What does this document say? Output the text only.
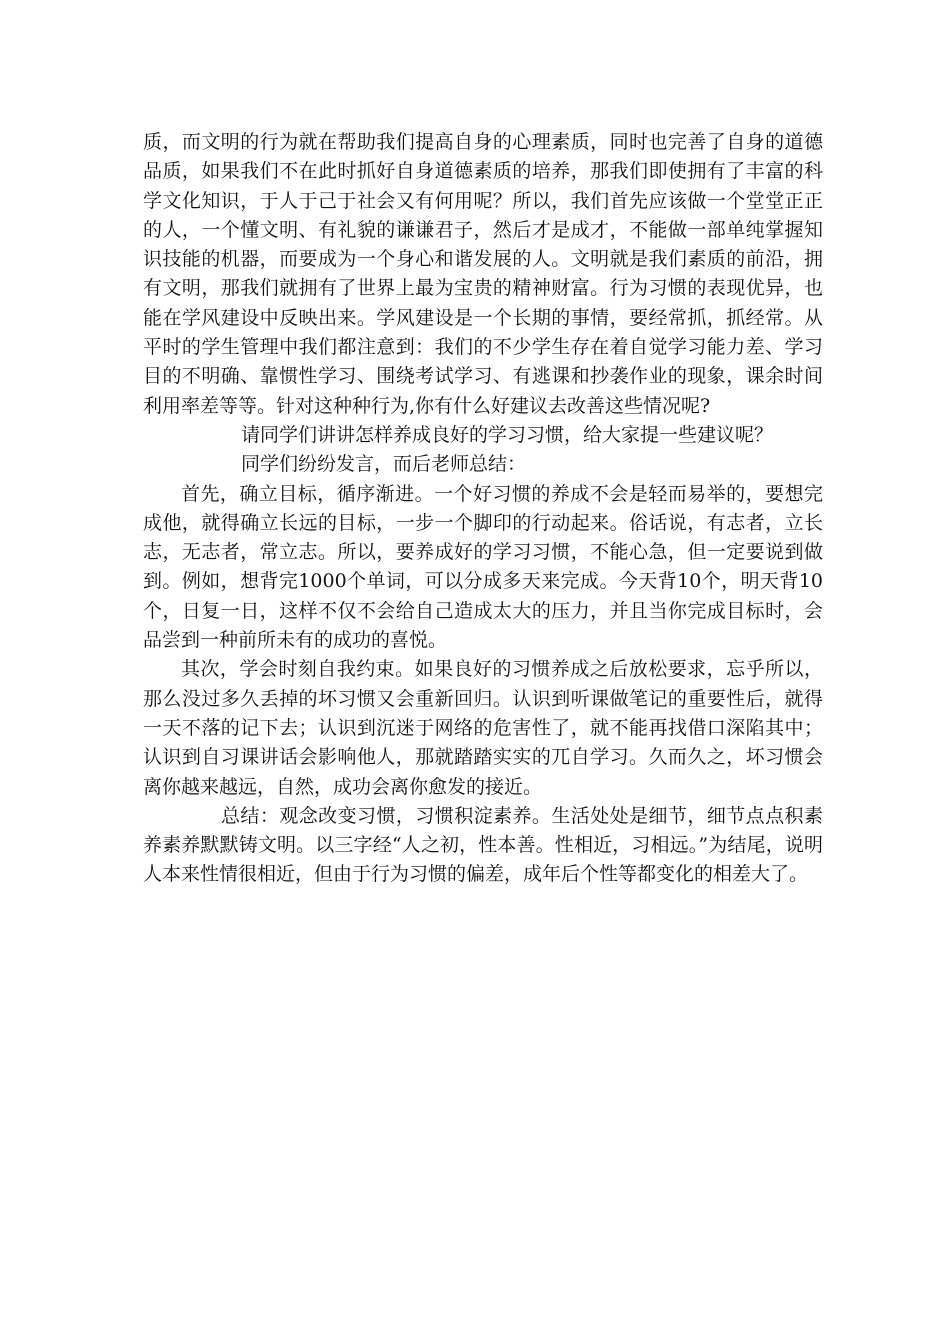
质，而文明的行为就在帮助我们提高自身的心理素质，同时也完善了自身的道德品质，如果我们不在此时抓好自身道德素质的培养，那我们即使拥有了丰富的科学文化知识，于人于己于社会又有何用呢？所以，我们首先应该做一个堂堂正正的人，一个懂文明、有礼貌的谦谦君子，然后才是成才，不能做一部单纯掌握知识技能的机器，而要成为一个身心和谐发展的人。文明就是我们素质的前沿，拥有文明，那我们就拥有了世界上最为宝贵的精神财富。行为习惯的表现优异，也能在学风建设中反映出来。学风建设是一个长期的事情，要经常抓，抓经常。从平时的学生管理中我们都注意到：我们的不少学生存在着自觉学习能力差、学习目的不明确、靠惯性学习、围绕考试学习、有逃课和抄袭作业的现象，课余时间利用率差等等。针对这种种行为,你有什么好建议去改善这些情况呢?

请同学们讲讲怎样养成良好的学习习惯，给大家提一些建议呢？

同学们纷纷发言，而后老师总结：

首先，确立目标，循序渐进。一个好习惯的养成不会是轻而易举的，要想完成他，就得确立长远的目标，一步一个脚印的行动起来。俗话说，有志者，立长志，无志者，常立志。所以，要养成好的学习习惯，不能心急，但一定要说到做到。例如，想背完1000个单词，可以分成多天来完成。今天背10个，明天背10个，日复一日，这样不仅不会给自己造成太大的压力，并且当你完成目标时，会品尝到一种前所未有的成功的喜悦。

其次，学会时刻自我约束。如果良好的习惯养成之后放松要求，忘乎所以，那么没过多久丢掉的坏习惯又会重新回归。认识到听课做笔记的重要性后，就得一天不落的记下去；认识到沉迷于网络的危害性了，就不能再找借口深陷其中；认识到自习课讲话会影响他人，那就踏踏实实的兀自学习。久而久之，坏习惯会离你越来越远，自然，成功会离你愈发的接近。

总结：观念改变习惯，习惯积淀素养。生活处处是细节，细节点点积素养素养默默铸文明。以三字经“人之初，性本善。性相近，习相远。”为结尾，说明人本来性情很相近，但由于行为习惯的偏差，成年后个性等都变化的相差大了。
